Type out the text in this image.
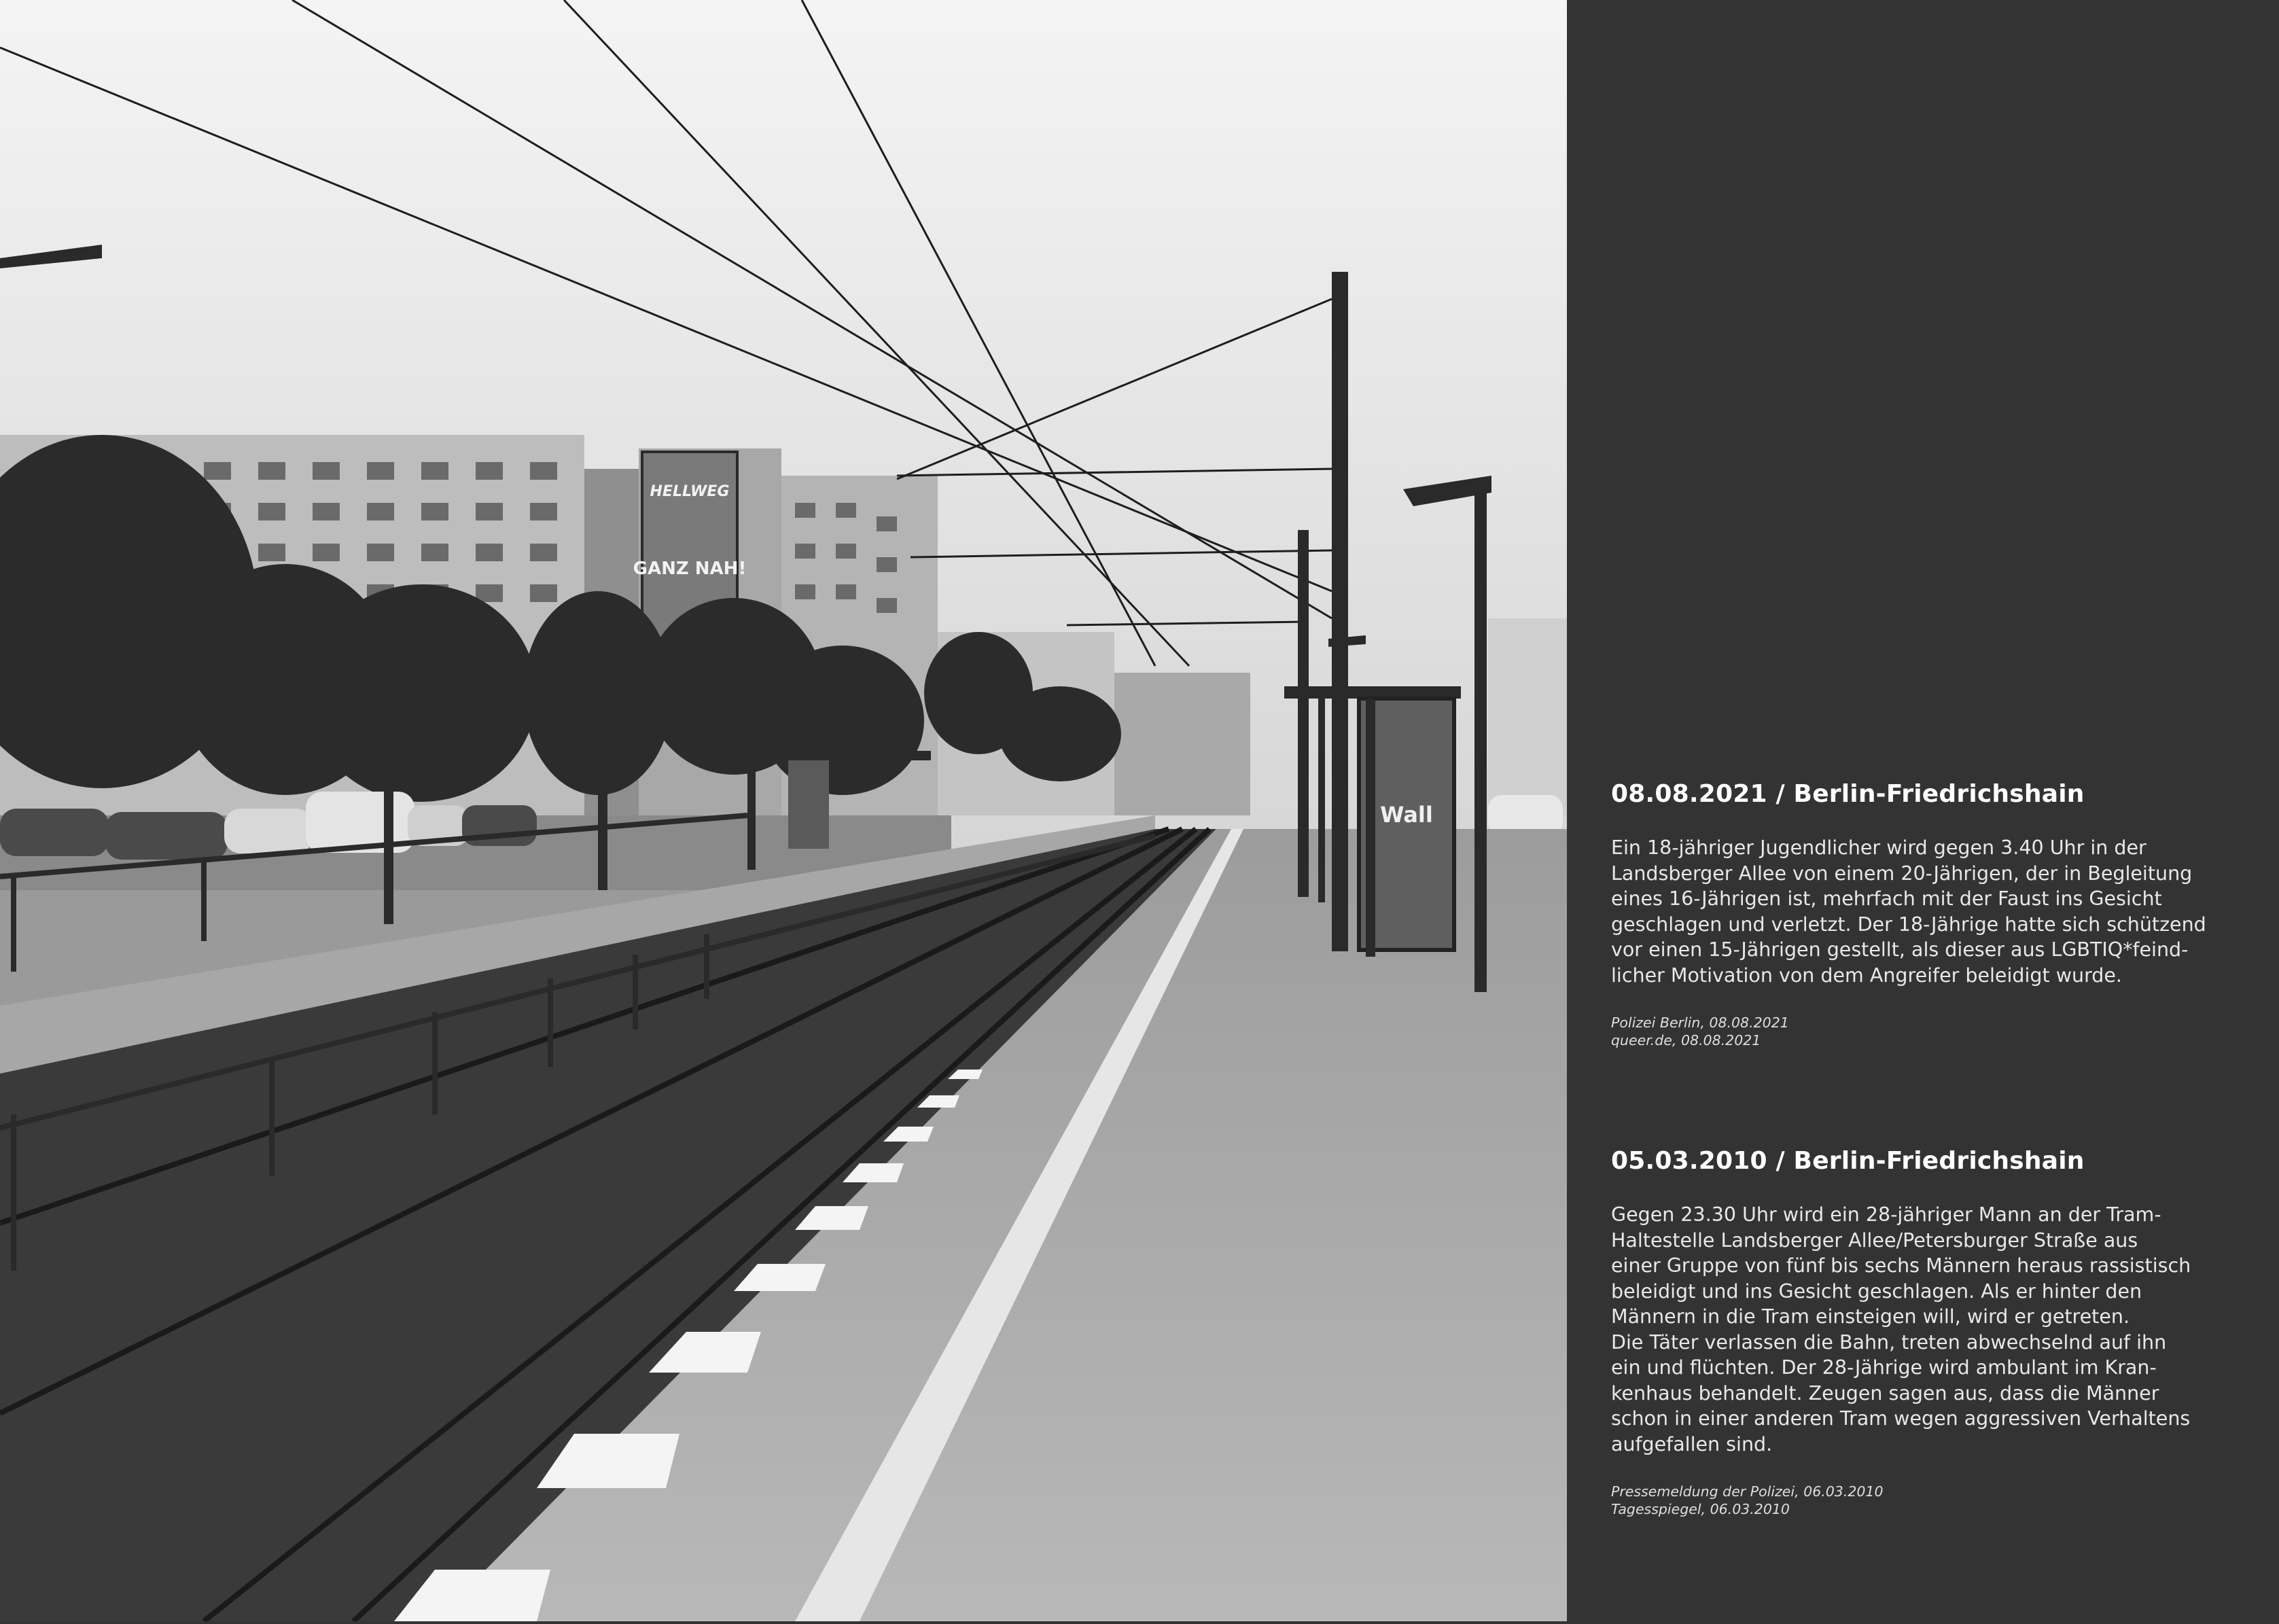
HELLWEG
GANZ NAH!
Wall
08.08.2021 / Berlin-Friedrichshain

Ein 18-jähriger Jugendlicher wird gegen 3.40 Uhr in der
Landsberger Allee von einem 20-Jährigen, der in Begleitung
eines 16-Jährigen ist, mehrfach mit der Faust ins Gesicht
geschlagen und verletzt. Der 18-Jährige hatte sich schützend
vor einen 15-Jährigen gestellt, als dieser aus LGBTIQ*feind-
licher Motivation von dem Angreifer beleidigt wurde.

Polizei Berlin, 08.08.2021
queer.de, 08.08.2021

05.03.2010 / Berlin-Friedrichshain

Gegen 23.30 Uhr wird ein 28-jähriger Mann an der Tram-
Haltestelle Landsberger Allee/Petersburger Straße aus
einer Gruppe von fünf bis sechs Männern heraus rassistisch
beleidigt und ins Gesicht geschlagen. Als er hinter den
Männern in die Tram einsteigen will, wird er getreten.
Die Täter verlassen die Bahn, treten abwechselnd auf ihn
ein und flüchten. Der 28-Jährige wird ambulant im Kran-
kenhaus behandelt. Zeugen sagen aus, dass die Männer
schon in einer anderen Tram wegen aggressiven Verhaltens
aufgefallen sind.

Pressemeldung der Polizei, 06.03.2010
Tagesspiegel, 06.03.2010
